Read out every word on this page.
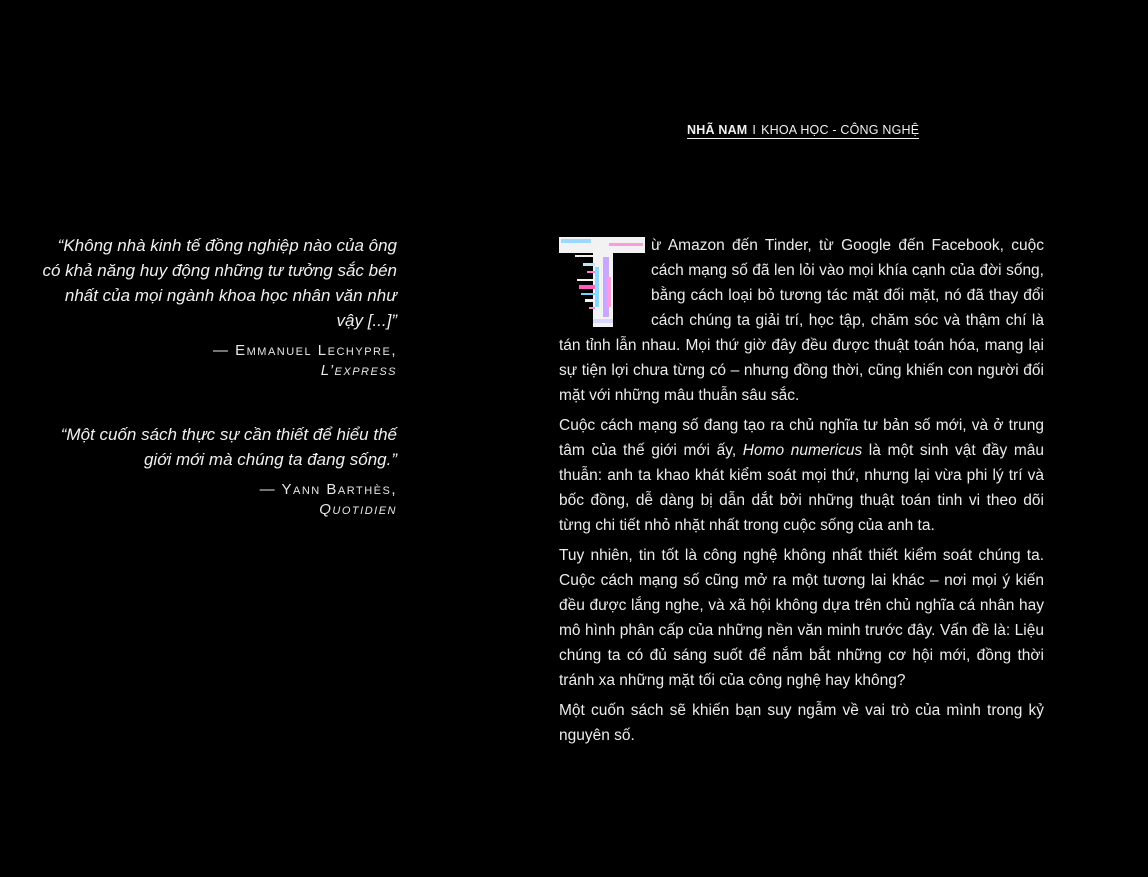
NHÃ NAM I KHOA HỌC - CÔNG NGHỆ

“Không nhà kinh tế đồng nghiệp nào của ông có khả năng huy động những tư tưởng sắc bén nhất của mọi ngành khoa học nhân văn như vậy [...]”

— Emmanuel Lechypre,
L’express

“Một cuốn sách thực sự cần thiết để hiểu thế giới mới mà chúng ta đang sống.”

— Yann Barthès,
Quotidien

ừ Amazon đến Tinder, từ Google đến Facebook, cuộc cách mạng số đã len lỏi vào mọi khía cạnh của đời sống, bằng cách loại bỏ tương tác mặt đối mặt, nó đã thay đổi cách chúng ta giải trí, học tập, chăm sóc và thậm chí là tán tỉnh lẫn nhau. Mọi thứ giờ đây đều được thuật toán hóa, mang lại sự tiện lợi chưa từng có – nhưng đồng thời, cũng khiến con người đối mặt với những mâu thuẫn sâu sắc.

Cuộc cách mạng số đang tạo ra chủ nghĩa tư bản số mới, và ở trung tâm của thế giới mới ấy, Homo numericus là một sinh vật đầy mâu thuẫn: anh ta khao khát kiểm soát mọi thứ, nhưng lại vừa phi lý trí và bốc đồng, dễ dàng bị dẫn dắt bởi những thuật toán tinh vi theo dõi từng chi tiết nhỏ nhặt nhất trong cuộc sống của anh ta.

Tuy nhiên, tin tốt là công nghệ không nhất thiết kiểm soát chúng ta. Cuộc cách mạng số cũng mở ra một tương lai khác – nơi mọi ý kiến đều được lắng nghe, và xã hội không dựa trên chủ nghĩa cá nhân hay mô hình phân cấp của những nền văn minh trước đây. Vấn đề là: Liệu chúng ta có đủ sáng suốt để nắm bắt những cơ hội mới, đồng thời tránh xa những mặt tối của công nghệ hay không?

Một cuốn sách sẽ khiến bạn suy ngẫm về vai trò của mình trong kỷ nguyên số.
